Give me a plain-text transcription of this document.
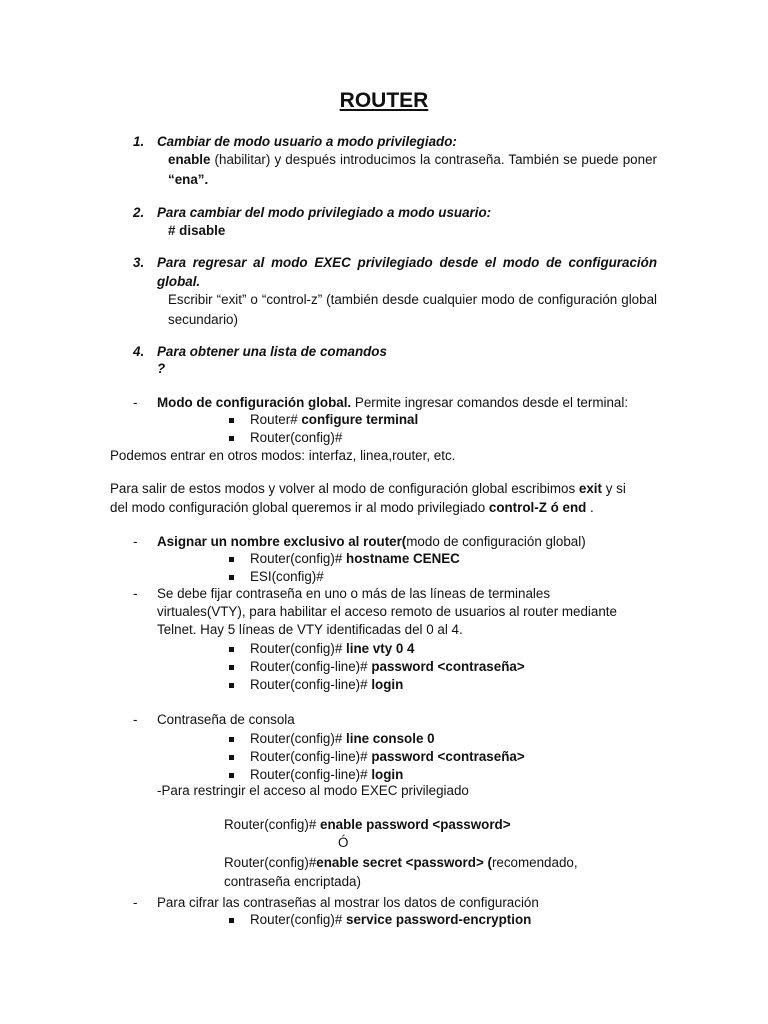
ROUTER
1. Cambiar de modo usuario a modo privilegiado:
enable (habilitar) y después introducimos la contraseña. También se puede poner “ena”.
2. Para cambiar del modo privilegiado a modo usuario:
# disable
3. Para regresar al modo EXEC privilegiado desde el modo de configuración global.
Escribir “exit” o “control-z” (también desde cualquier modo de configuración global secundario)
4. Para obtener una lista de comandos
?
- Modo de configuración global. Permite ingresar comandos desde el terminal:
Router# configure terminal
Router(config)#
Podemos entrar en otros modos: interfaz, linea,router, etc.
Para salir de estos modos y volver al modo de configuración global escribimos exit y si
del modo configuración global queremos ir al modo privilegiado control-Z ó end .
- Asignar un nombre exclusivo al router(modo de configuración global)
Router(config)# hostname CENEC
ESI(config)#
- Se debe fijar contraseña en uno o más de las líneas de terminales
virtuales(VTY), para habilitar el acceso remoto de usuarios al router mediante
Telnet. Hay 5 líneas de VTY identificadas del 0 al 4.
Router(config)# line vty 0 4
Router(config-line)# password <contraseña>
Router(config-line)# login
- Contraseña de consola
Router(config)# line console 0
Router(config-line)# password <contraseña>
Router(config-line)# login
-Para restringir el acceso al modo EXEC privilegiado
Router(config)# enable password <password>
Ó
Router(config)#enable secret <password> (recomendado,
contraseña encriptada)
- Para cifrar las contraseñas al mostrar los datos de configuración
Router(config)# service password-encryption
